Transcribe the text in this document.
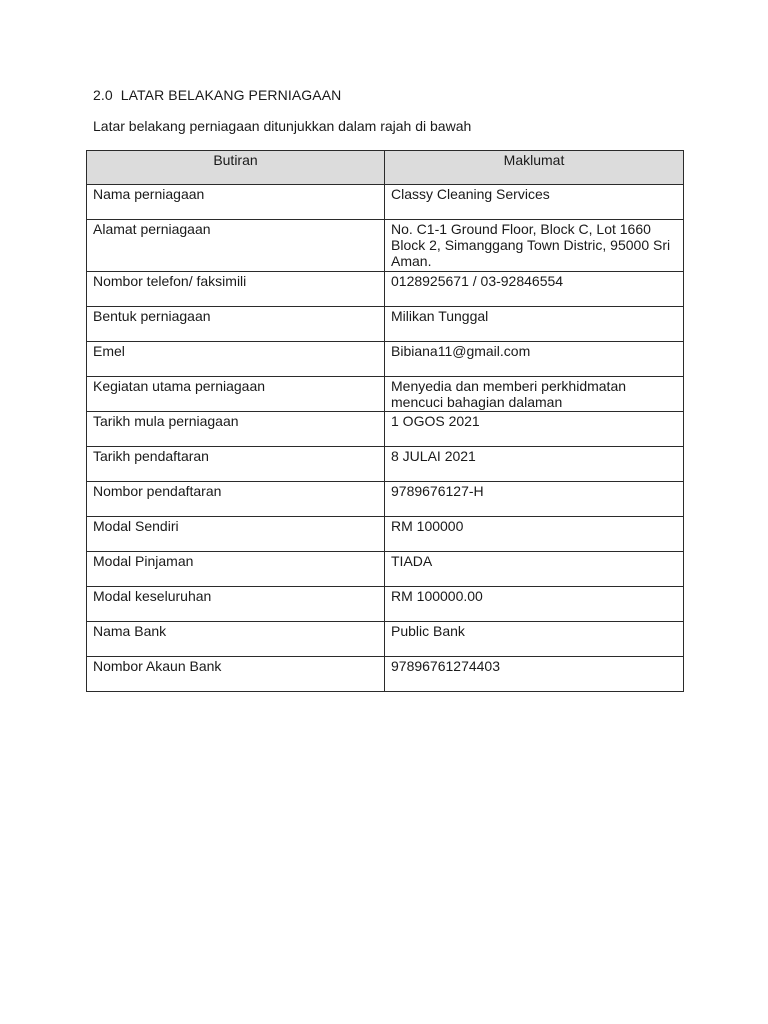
2.0  LATAR BELAKANG PERNIAGAAN
Latar belakang perniagaan ditunjukkan dalam rajah di bawah
Butiran	Maklumat
Nama perniagaan	Classy Cleaning Services
Alamat perniagaan	No. C1-1 Ground Floor, Block C, Lot 1660 Block 2, Simanggang Town Distric, 95000 Sri Aman.
Nombor telefon/ faksimili	0128925671 / 03-92846554
Bentuk perniagaan	Milikan Tunggal
Emel	Bibiana11@gmail.com
Kegiatan utama perniagaan	Menyedia dan memberi perkhidmatan mencuci bahagian dalaman
Tarikh mula perniagaan	1 OGOS 2021
Tarikh pendaftaran	8 JULAI 2021
Nombor pendaftaran	9789676127-H
Modal Sendiri	RM 100000
Modal Pinjaman	TIADA
Modal keseluruhan	RM 100000.00
Nama Bank	Public Bank
Nombor Akaun Bank	97896761274403
